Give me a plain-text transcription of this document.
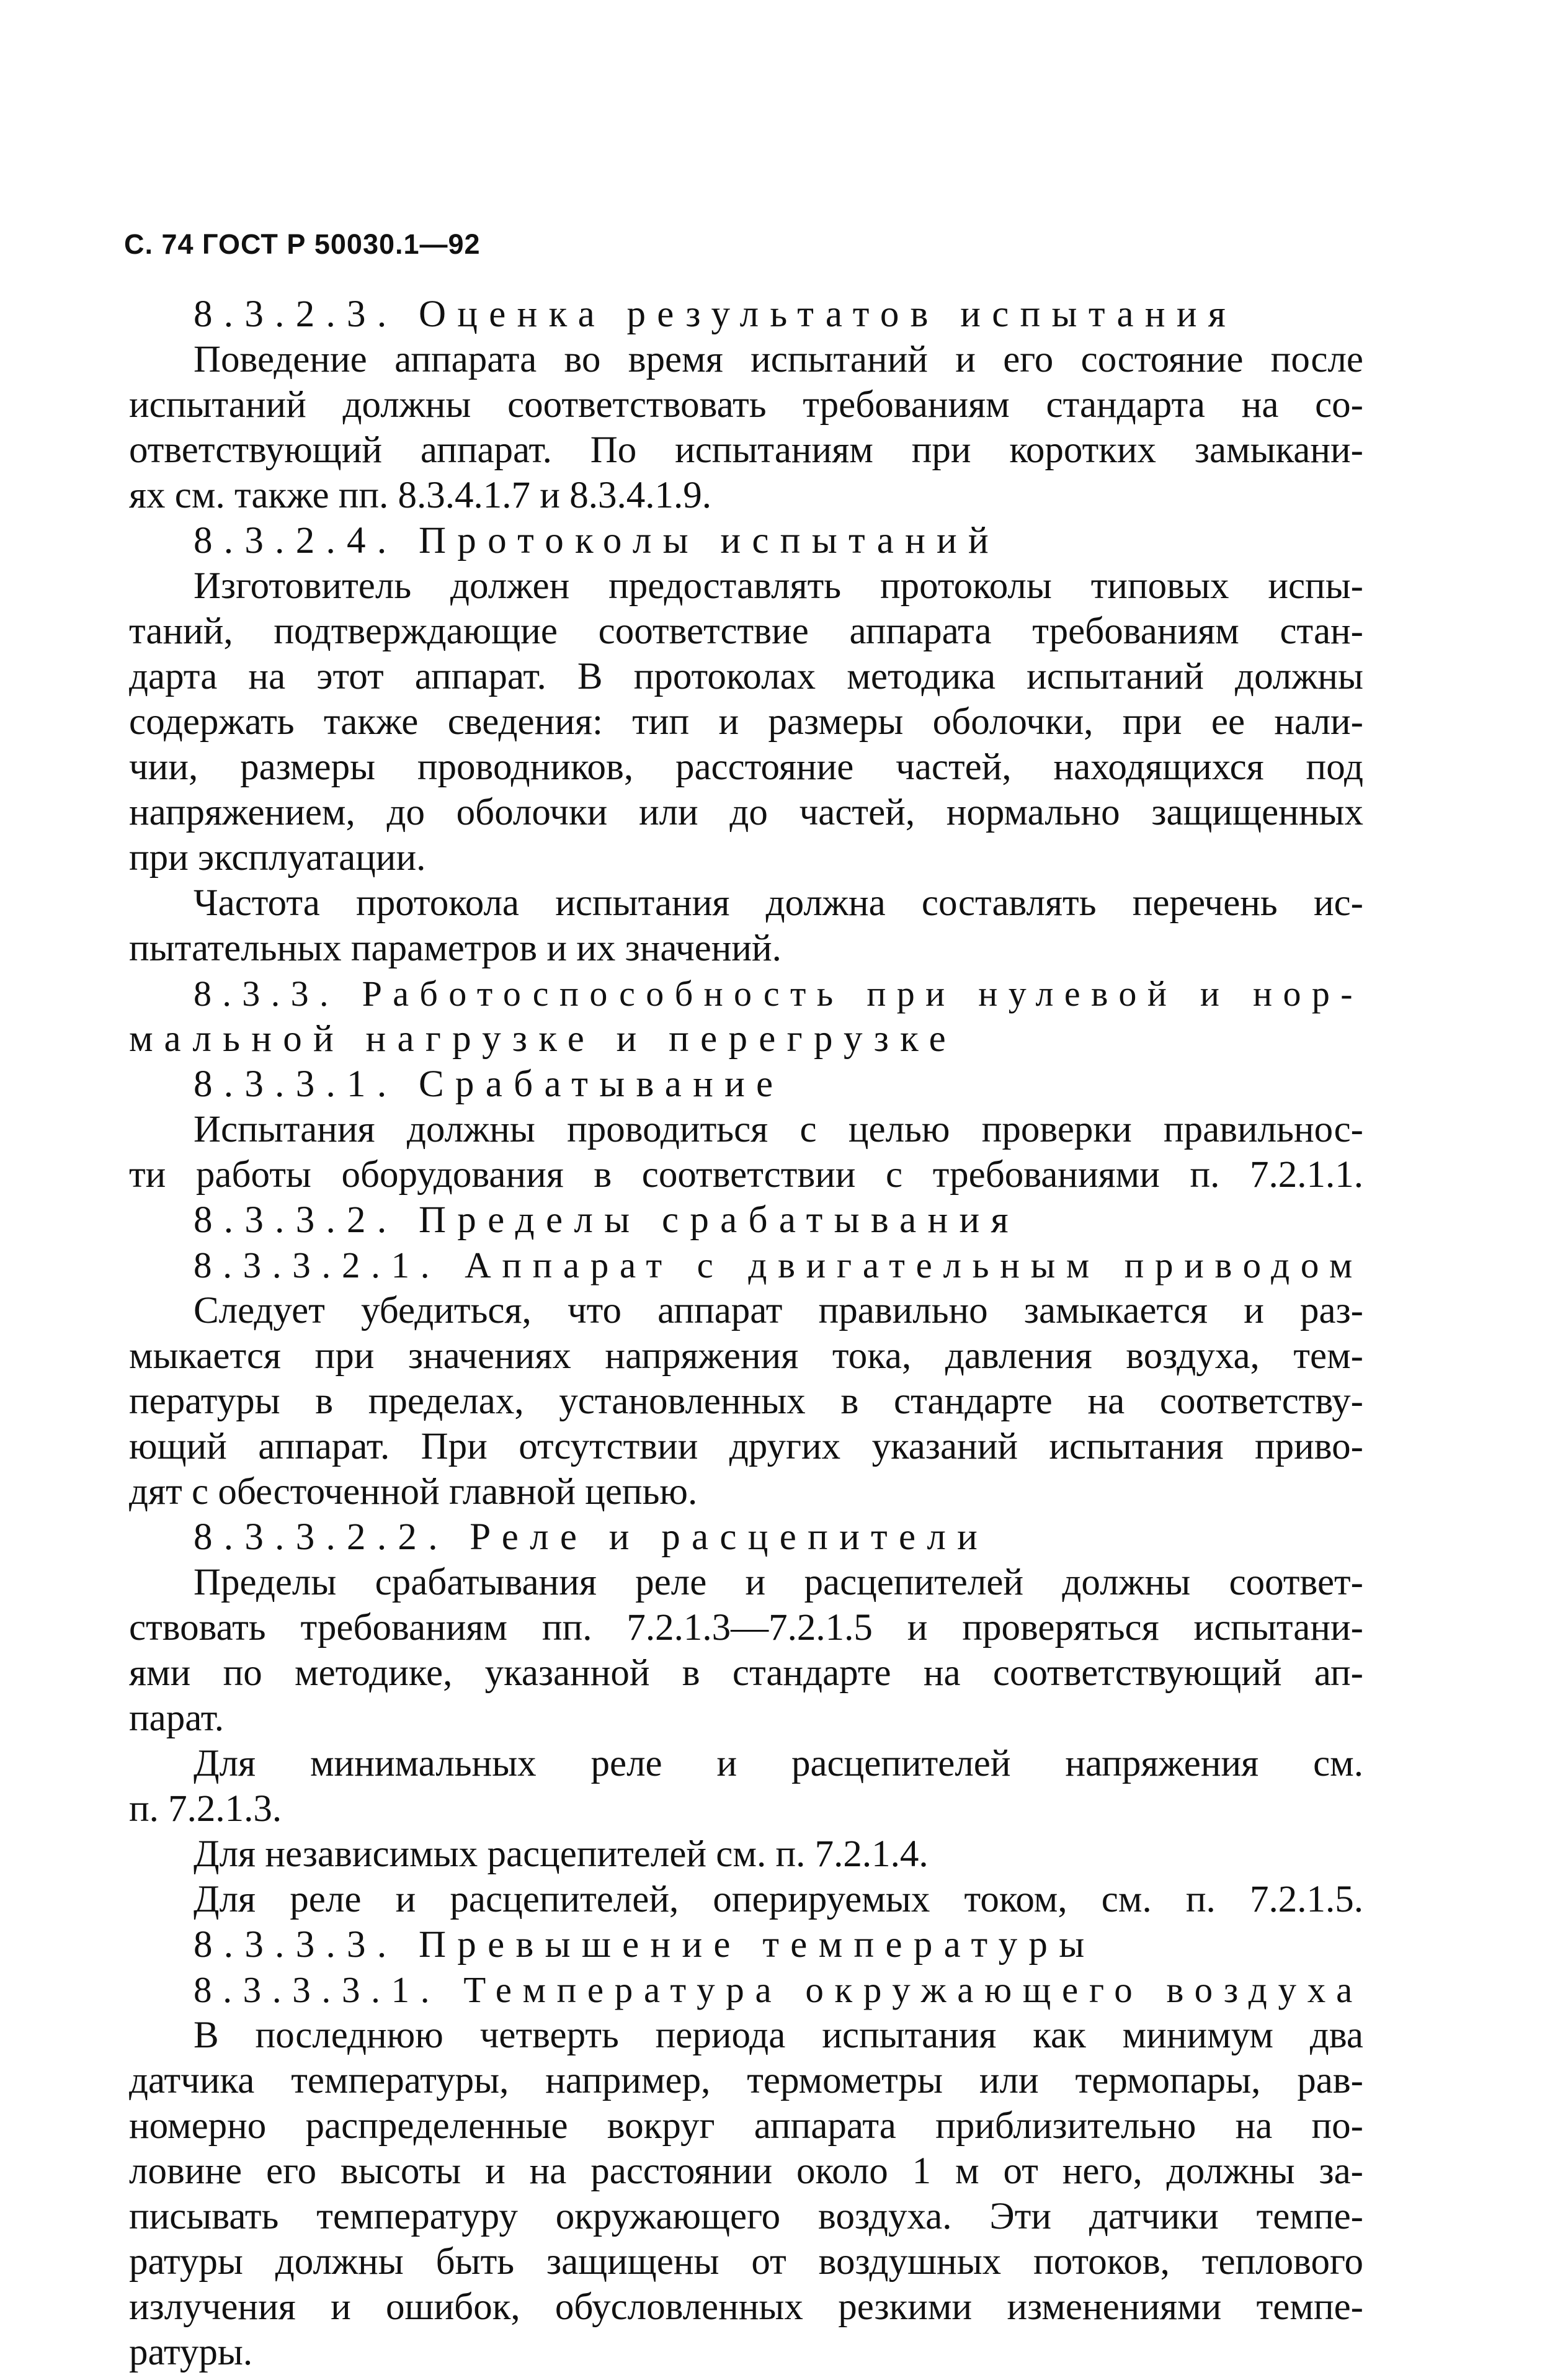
С. 74 ГОСТ Р 50030.1—92
8.3.2.3. Оценка результатов испытания
Поведение аппарата во время испытаний и его состояние после
испытаний должны соответствовать требованиям стандарта на со-
ответствующий аппарат. По испытаниям при коротких замыкани-
ях см. также пп. 8.3.4.1.7 и 8.3.4.1.9.
8.3.2.4. Протоколы испытаний
Изготовитель должен предоставлять протоколы типовых испы-
таний, подтверждающие соответствие аппарата требованиям стан-
дарта на этот аппарат. В протоколах методика испытаний должны
содержать также сведения: тип и размеры оболочки, при ее нали-
чии, размеры проводников, расстояние частей, находящихся под
напряжением, до оболочки или до частей, нормально защищенных
при эксплуатации.
Частота протокола испытания должна составлять перечень ис-
пытательных параметров и их значений.
8.3.3. Работоспособность при нулевой и нор-
мальной нагрузке и перегрузке
8.3.3.1. Срабатывание
Испытания должны проводиться с целью проверки правильнос-
ти работы оборудования в соответствии с требованиями п. 7.2.1.1.
8.3.3.2. Пределы срабатывания
8.3.3.2.1. Аппарат с двигательным приводом
Следует убедиться, что аппарат правильно замыкается и раз-
мыкается при значениях напряжения тока, давления воздуха, тем-
пературы в пределах, установленных в стандарте на соответству-
ющий аппарат. При отсутствии других указаний испытания приво-
дят с обесточенной главной цепью.
8.3.3.2.2. Реле и расцепители
Пределы срабатывания реле и расцепителей должны соответ-
ствовать требованиям пп. 7.2.1.3—7.2.1.5 и проверяться испытани-
ями по методике, указанной в стандарте на соответствующий ап-
парат.
Для минимальных реле и расцепителей напряжения см.
п. 7.2.1.3.
Для независимых расцепителей см. п. 7.2.1.4.
Для реле и расцепителей, оперируемых током, см. п. 7.2.1.5.
8.3.3.3. Превышение температуры
8.3.3.3.1. Температура окружающего воздуха
В последнюю четверть периода испытания как минимум два
датчика температуры, например, термометры или термопары, рав-
номерно распределенные вокруг аппарата приблизительно на по-
ловине его высоты и на расстоянии около 1 м от него, должны за-
писывать температуру окружающего воздуха. Эти датчики темпе-
ратуры должны быть защищены от воздушных потоков, теплового
излучения и ошибок, обусловленных резкими изменениями темпе-
ратуры.
